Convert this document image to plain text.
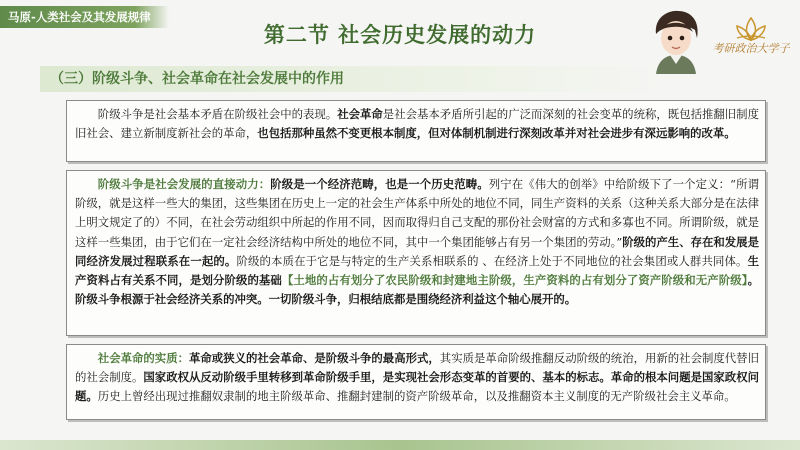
马原-人类社会及其发展规律
第二节 社会历史发展的动力
考研政治大学子
（三）阶级斗争、社会革命在社会发展中的作用

阶级斗争是社会基本矛盾在阶级社会中的表现。社会革命是社会基本矛盾所引起的广泛而深刻的社会变革的统称，既包括推翻旧制度旧社会、建立新制度新社会的革命，也包括那种虽然不变更根本制度，但对体制机制进行深刻改革并对社会进步有深远影响的改革。

阶级斗争是社会发展的直接动力：阶级是一个经济范畴，也是一个历史范畴。列宁在《伟大的创举》中给阶级下了一个定义：“所谓阶级，就是这样一些大的集团，这些集团在历史上一定的社会生产体系中所处的地位不同，同生产资料的关系（这种关系大部分是在法律上明文规定了的）不同，在社会劳动组织中所起的作用不同，因而取得归自己支配的那份社会财富的方式和多寡也不同。所谓阶级，就是这样一些集团，由于它们在一定社会经济结构中所处的地位不同，其中一个集团能够占有另一个集团的劳动。”阶级的产生、存在和发展是同经济发展过程联系在一起的。阶级的本质在于它是与特定的生产关系相联系的 、在经济上处于不同地位的社会集团或人群共同体。生产资料占有关系不同，是划分阶级的基础【土地的占有划分了农民阶级和封建地主阶级，生产资料的占有划分了资产阶级和无产阶级】。阶级斗争根源于社会经济关系的冲突。一切阶级斗争，归根结底都是围绕经济利益这个轴心展开的。

社会革命的实质：革命或狭义的社会革命、是阶级斗争的最高形式，其实质是革命阶级推翻反动阶级的统治，用新的社会制度代替旧的社会制度。国家政权从反动阶级手里转移到革命阶级手里，是实现社会形态变革的首要的、基本的标志。革命的根本问题是国家政权问题。历史上曾经出现过推翻奴隶制的地主阶级革命、推翻封建制的资产阶级革命，以及推翻资本主义制度的无产阶级社会主义革命。
